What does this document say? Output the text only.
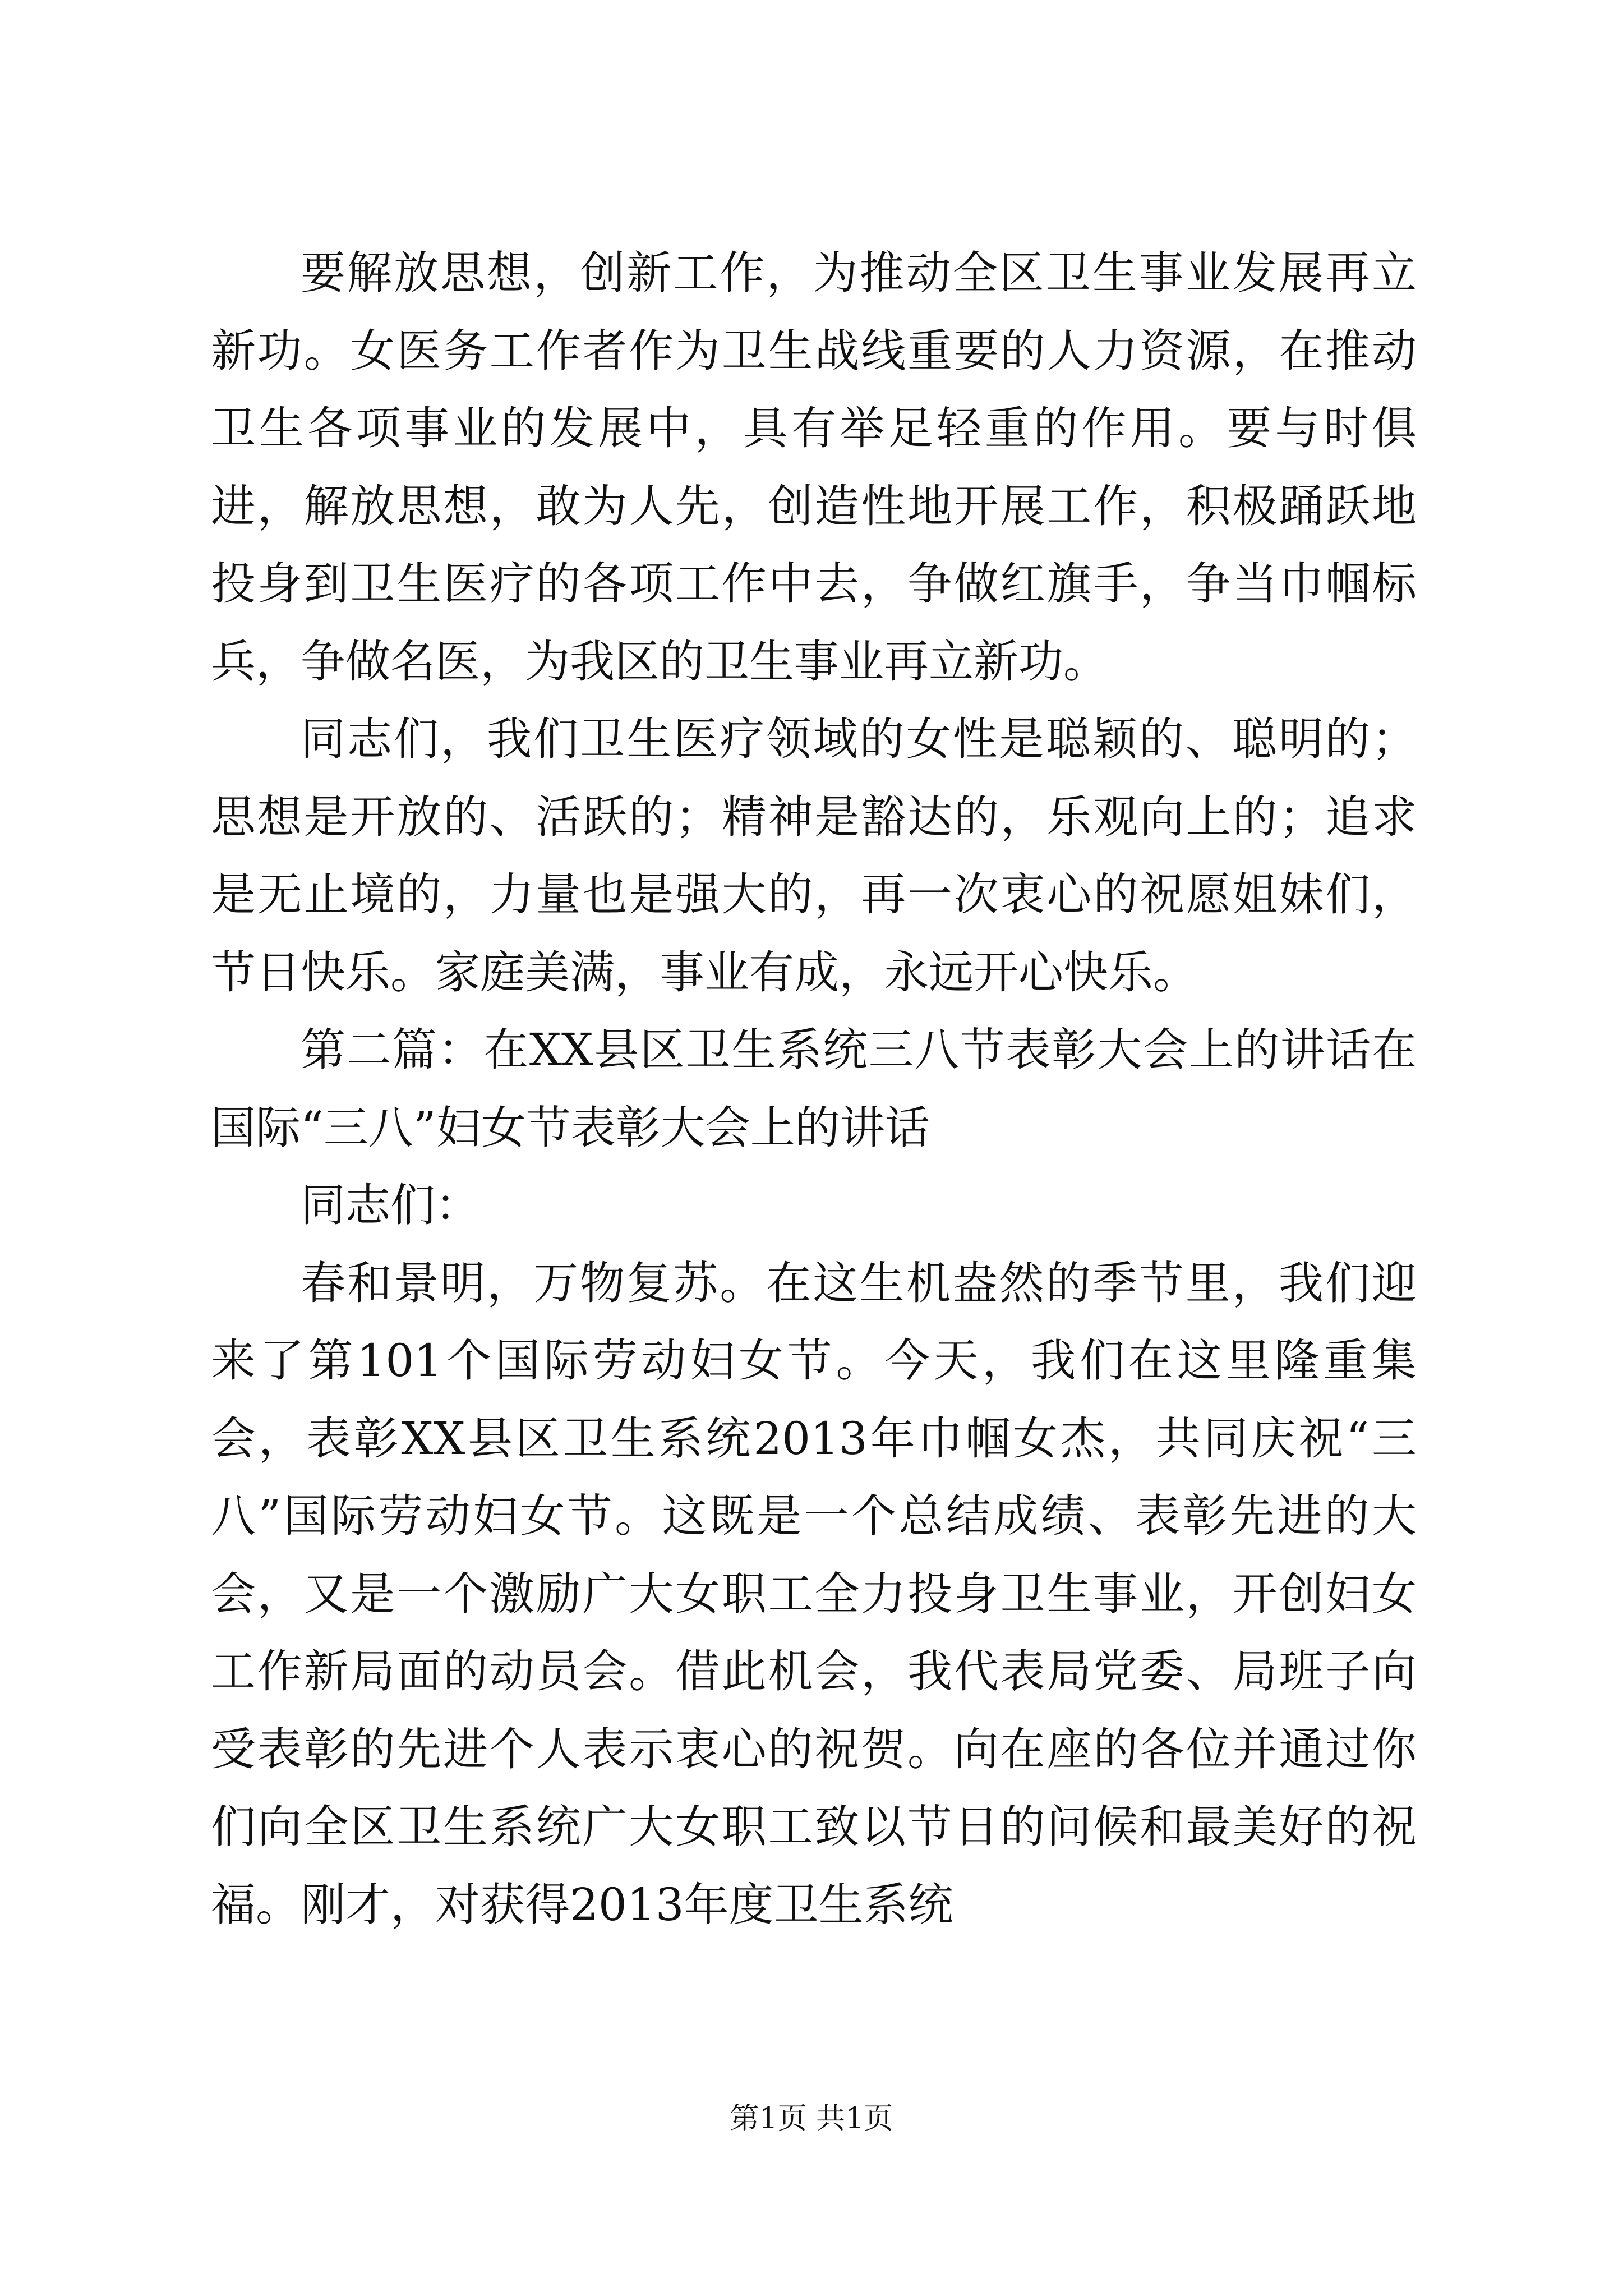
要解放思想，创新工作，为推动全区卫生事业发展再立新功。女医务工作者作为卫生战线重要的人力资源，在推动卫生各项事业的发展中，具有举足轻重的作用。要与时俱进，解放思想，敢为人先，创造性地开展工作，积极踊跃地投身到卫生医疗的各项工作中去，争做红旗手，争当巾帼标兵，争做名医，为我区的卫生事业再立新功。

同志们，我们卫生医疗领域的女性是聪颖的、聪明的；思想是开放的、活跃的；精神是豁达的，乐观向上的；追求是无止境的，力量也是强大的，再一次衷心的祝愿姐妹们，节日快乐。家庭美满，事业有成，永远开心快乐。

第二篇：在XX县区卫生系统三八节表彰大会上的讲话在国际“三八”妇女节表彰大会上的讲话

同志们：

春和景明，万物复苏。在这生机盎然的季节里，我们迎来了第101个国际劳动妇女节。今天，我们在这里隆重集会，表彰XX县区卫生系统2013年巾帼女杰，共同庆祝“三八”国际劳动妇女节。这既是一个总结成绩、表彰先进的大会，又是一个激励广大女职工全力投身卫生事业，开创妇女工作新局面的动员会。借此机会，我代表局党委、局班子向受表彰的先进个人表示衷心的祝贺。向在座的各位并通过你们向全区卫生系统广大女职工致以节日的问候和最美好的祝福。刚才，对获得2013年度卫生系统

第1页 共1页
